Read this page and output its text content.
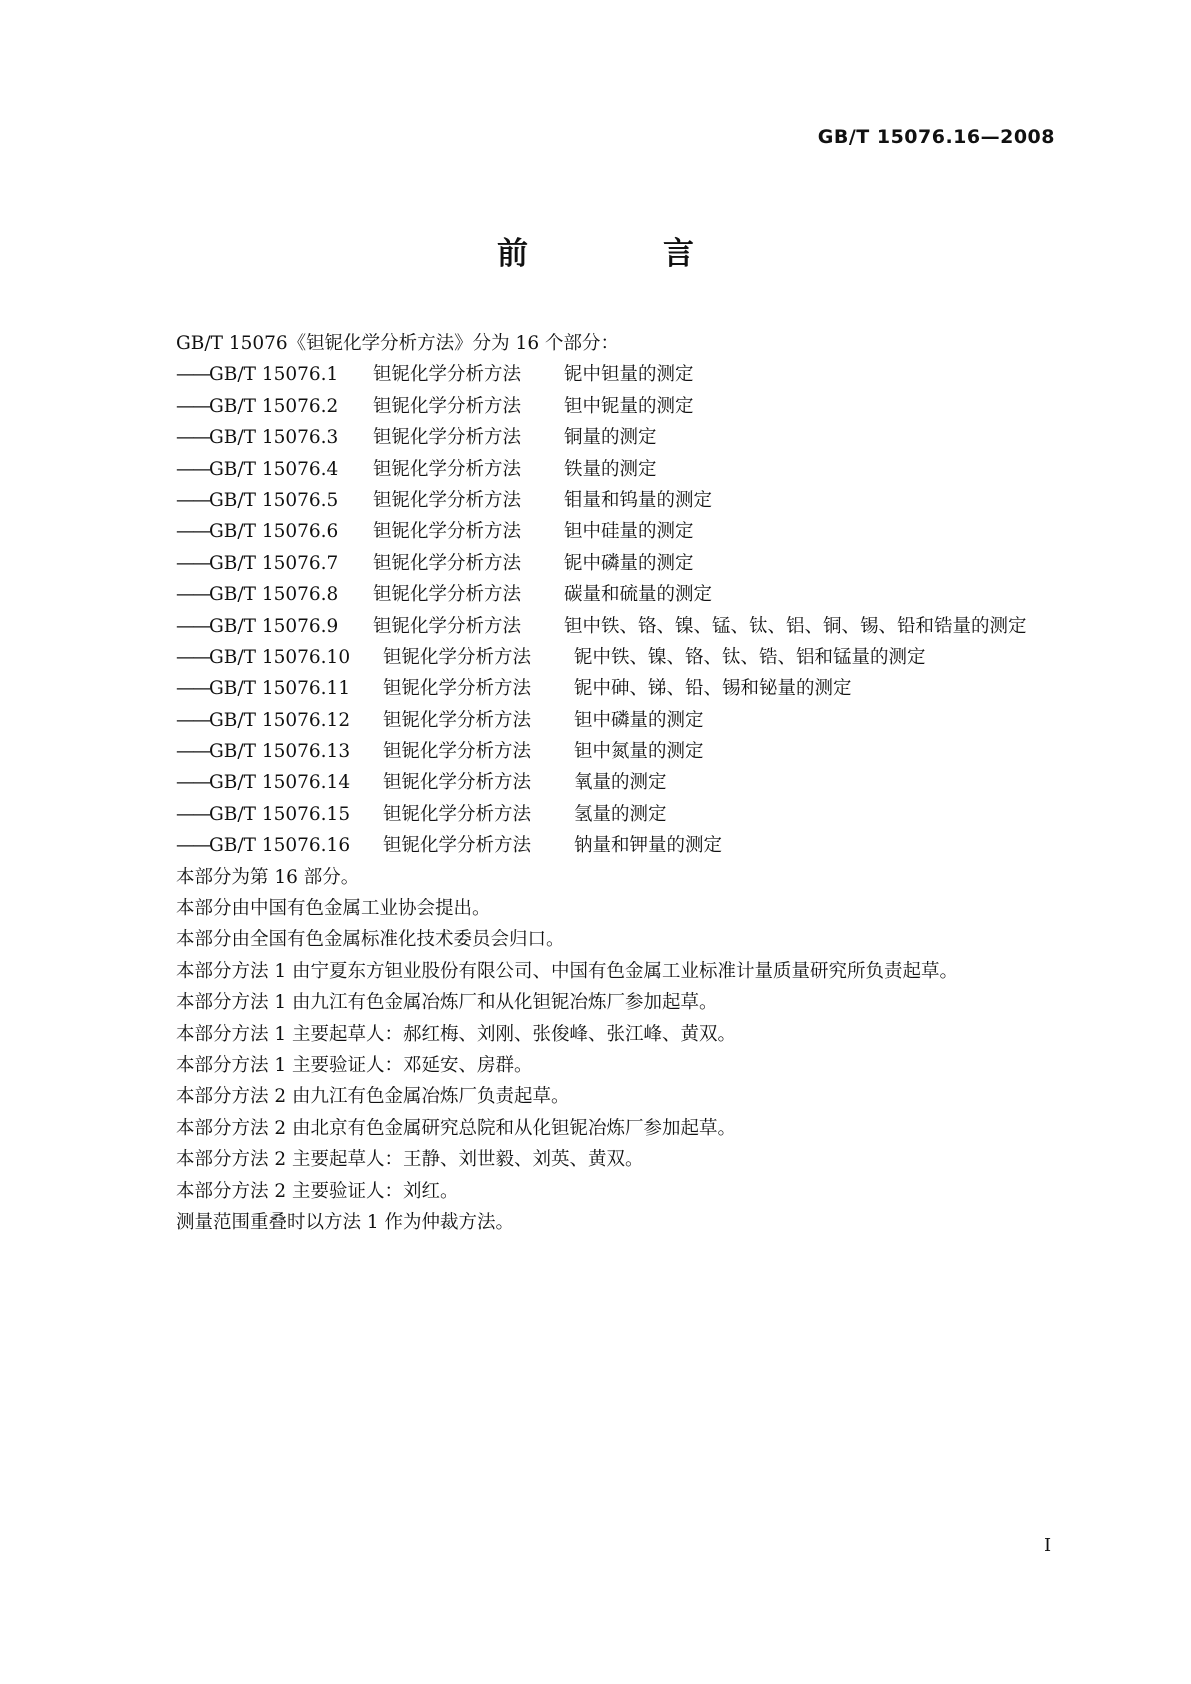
GB/T 15076.16—2008
前　言
GB/T 15076《钽铌化学分析方法》分为 16 个部分：
——GB/T 15076.1 钽铌化学分析方法 铌中钽量的测定
——GB/T 15076.2 钽铌化学分析方法 钽中铌量的测定
——GB/T 15076.3 钽铌化学分析方法 铜量的测定
——GB/T 15076.4 钽铌化学分析方法 铁量的测定
——GB/T 15076.5 钽铌化学分析方法 钼量和钨量的测定
——GB/T 15076.6 钽铌化学分析方法 钽中硅量的测定
——GB/T 15076.7 钽铌化学分析方法 铌中磷量的测定
——GB/T 15076.8 钽铌化学分析方法 碳量和硫量的测定
——GB/T 15076.9 钽铌化学分析方法 钽中铁、铬、镍、锰、钛、铝、铜、锡、铅和锆量的测定
——GB/T 15076.10 钽铌化学分析方法 铌中铁、镍、铬、钛、锆、铝和锰量的测定
——GB/T 15076.11 钽铌化学分析方法 铌中砷、锑、铅、锡和铋量的测定
——GB/T 15076.12 钽铌化学分析方法 钽中磷量的测定
——GB/T 15076.13 钽铌化学分析方法 钽中氮量的测定
——GB/T 15076.14 钽铌化学分析方法 氧量的测定
——GB/T 15076.15 钽铌化学分析方法 氢量的测定
——GB/T 15076.16 钽铌化学分析方法 钠量和钾量的测定
本部分为第 16 部分。
本部分由中国有色金属工业协会提出。
本部分由全国有色金属标准化技术委员会归口。
本部分方法 1 由宁夏东方钽业股份有限公司、中国有色金属工业标准计量质量研究所负责起草。
本部分方法 1 由九江有色金属冶炼厂和从化钽铌冶炼厂参加起草。
本部分方法 1 主要起草人：郝红梅、刘刚、张俊峰、张江峰、黄双。
本部分方法 1 主要验证人：邓延安、房群。
本部分方法 2 由九江有色金属冶炼厂负责起草。
本部分方法 2 由北京有色金属研究总院和从化钽铌冶炼厂参加起草。
本部分方法 2 主要起草人：王静、刘世毅、刘英、黄双。
本部分方法 2 主要验证人：刘红。
测量范围重叠时以方法 1 作为仲裁方法。
I
